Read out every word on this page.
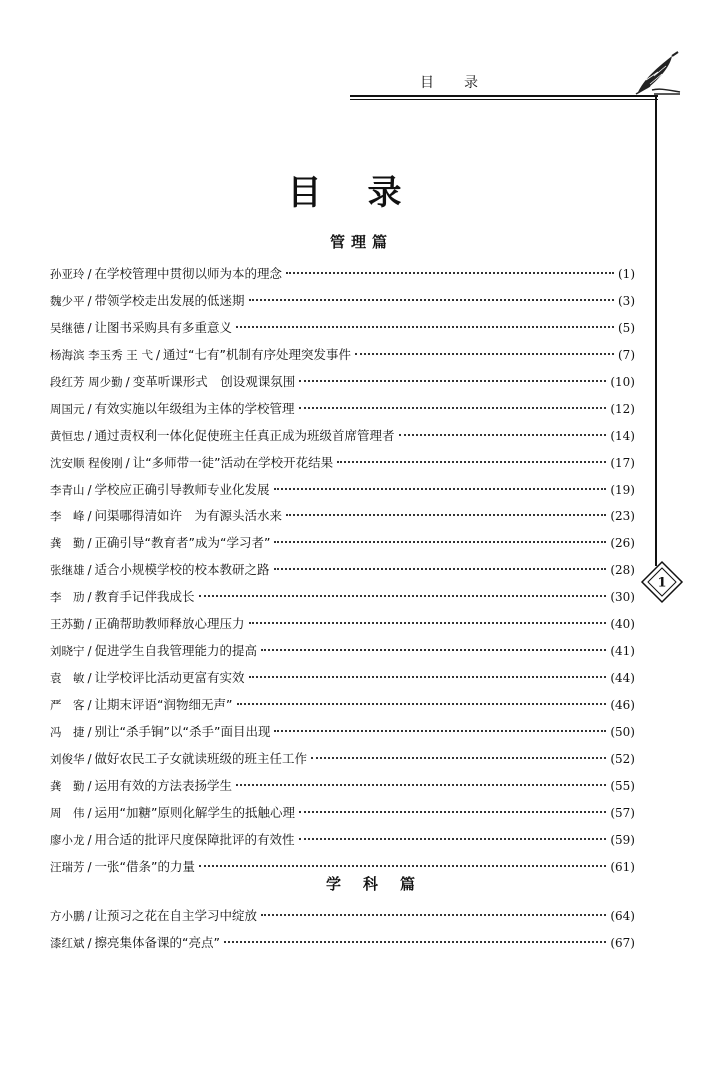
目录
目录
管理篇
孙亚玲 / 在学校管理中贯彻以师为本的理念	(1)
魏少平 / 带领学校走出发展的低迷期	(3)
吴继德 / 让图书采购具有多重意义	(5)
杨海滨 李玉秀 王 弋 / 通过“七有”机制有序处理突发事件	(7)
段红芳 周少勤 / 变革听课形式　创设观课氛围	(10)
周国元 / 有效实施以年级组为主体的学校管理	(12)
黄恒忠 / 通过责权利一体化促使班主任真正成为班级首席管理者	(14)
沈安顺 程俊刚 / 让“多师带一徒”活动在学校开花结果	(17)
李青山 / 学校应正确引导教师专业化发展	(19)
李　峰 / 问渠哪得清如许　为有源头活水来	(23)
龚　勤 / 正确引导“教育者”成为“学习者”	(26)
张继雄 / 适合小规模学校的校本教研之路	(28)
李　劢 / 教育手记伴我成长	(30)
王苏勤 / 正确帮助教师释放心理压力	(40)
刘晓宁 / 促进学生自我管理能力的提高	(41)
袁　敏 / 让学校评比活动更富有实效	(44)
严　客 / 让期末评语“润物细无声”	(46)
冯　捷 / 别让“杀手锏”以“杀手”面目出现	(50)
刘俊华 / 做好农民工子女就读班级的班主任工作	(52)
龚　勤 / 运用有效的方法表扬学生	(55)
周　伟 / 运用“加糖”原则化解学生的抵触心理	(57)
廖小龙 / 用合适的批评尺度保障批评的有效性	(59)
汪瑞芳 / 一张“借条”的力量	(61)
学科篇
方小鹏 / 让预习之花在自主学习中绽放	(64)
漆红斌 / 擦亮集体备课的“亮点”	(67)
1
